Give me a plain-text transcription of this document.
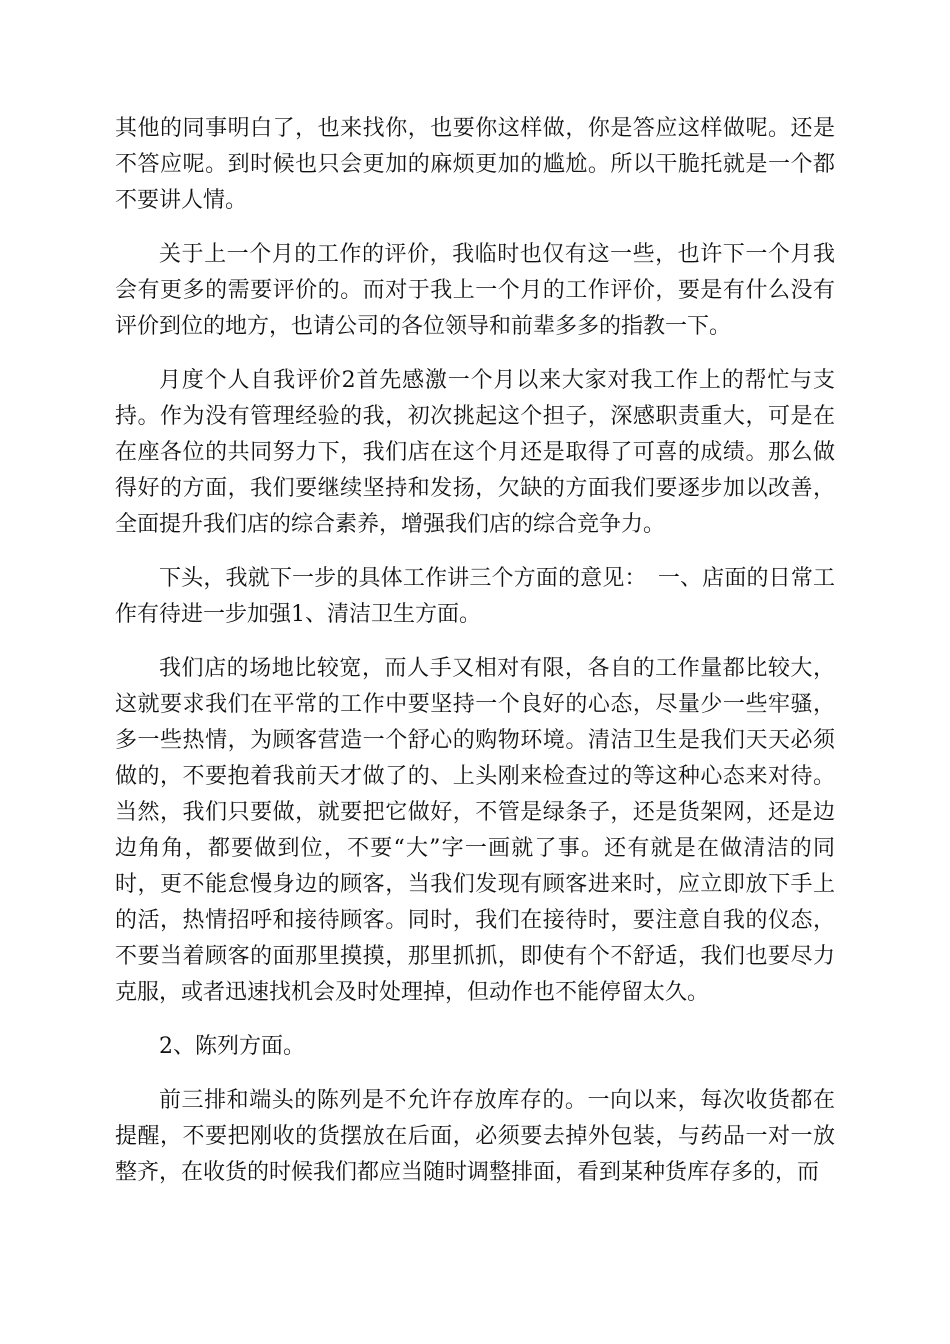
其他的同事明白了，也来找你，也要你这样做，你是答应这样做呢。还是不答应呢。到时候也只会更加的麻烦更加的尴尬。所以干脆托就是一个都不要讲人情。

关于上一个月的工作的评价，我临时也仅有这一些，也许下一个月我会有更多的需要评价的。而对于我上一个月的工作评价，要是有什么没有评价到位的地方，也请公司的各位领导和前辈多多的指教一下。

月度个人自我评价2首先感激一个月以来大家对我工作上的帮忙与支持。作为没有管理经验的我，初次挑起这个担子，深感职责重大，可是在在座各位的共同努力下，我们店在这个月还是取得了可喜的成绩。那么做得好的方面，我们要继续坚持和发扬，欠缺的方面我们要逐步加以改善，全面提升我们店的综合素养，增强我们店的综合竞争力。

下头，我就下一步的具体工作讲三个方面的意见：　一、店面的日常工作有待进一步加强1、清洁卫生方面。

我们店的场地比较宽，而人手又相对有限，各自的工作量都比较大，这就要求我们在平常的工作中要坚持一个良好的心态，尽量少一些牢骚，多一些热情，为顾客营造一个舒心的购物环境。清洁卫生是我们天天必须做的，不要抱着我前天才做了的、上头刚来检查过的等这种心态来对待。当然，我们只要做，就要把它做好，不管是绿条子，还是货架网，还是边边角角，都要做到位，不要“大”字一画就了事。还有就是在做清洁的同时，更不能怠慢身边的顾客，当我们发现有顾客进来时，应立即放下手上的活，热情招呼和接待顾客。同时，我们在接待时，要注意自我的仪态，不要当着顾客的面那里摸摸，那里抓抓，即使有个不舒适，我们也要尽力克服，或者迅速找机会及时处理掉，但动作也不能停留太久。

2、陈列方面。

前三排和端头的陈列是不允许存放库存的。一向以来，每次收货都在提醒，不要把刚收的货摆放在后面，必须要去掉外包装，与药品一对一放整齐，在收货的时候我们都应当随时调整排面，看到某种货库存多的，而
